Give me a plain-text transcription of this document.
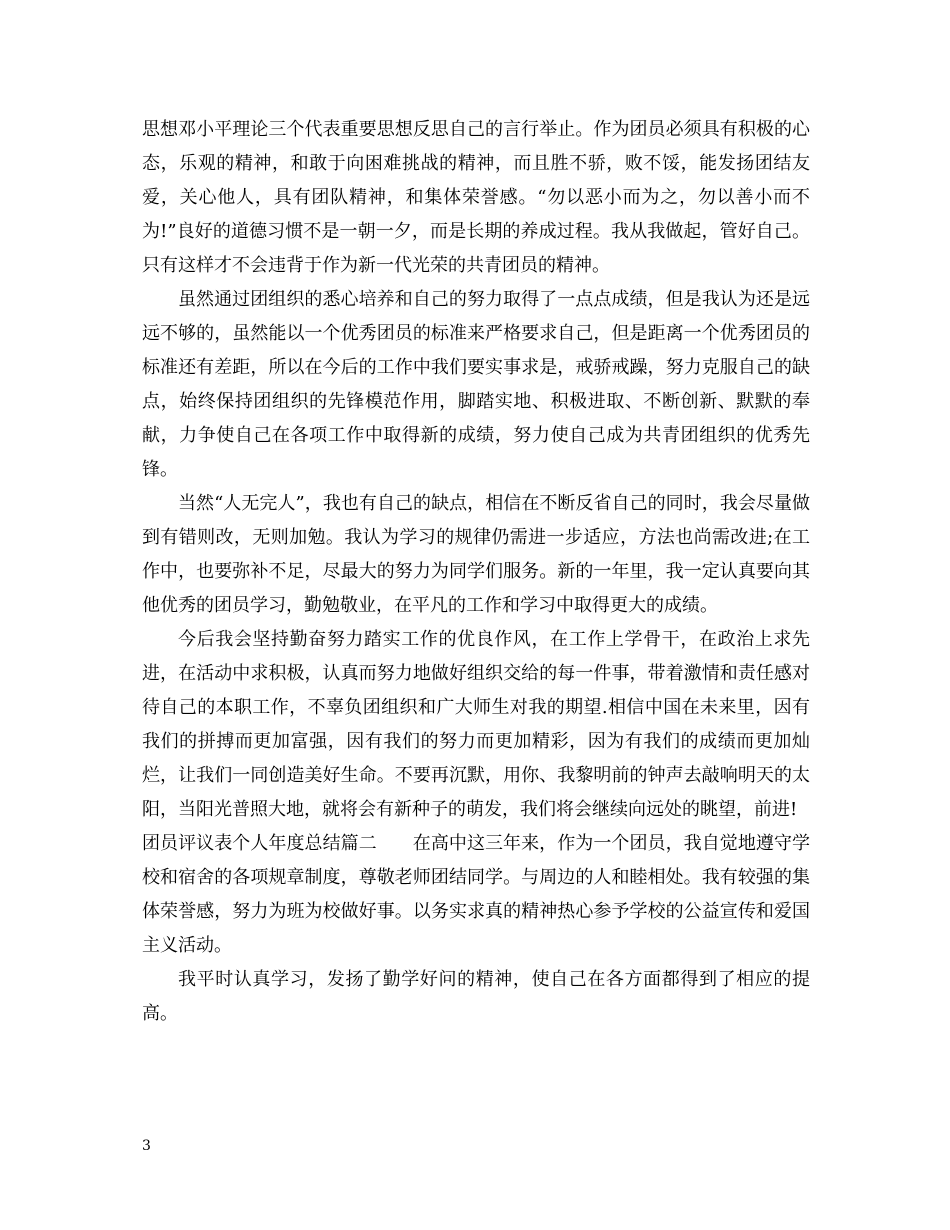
思想邓小平理论三个代表重要思想反思自己的言行举止。作为团员必须具有积极的心态，乐观的精神，和敢于向困难挑战的精神，而且胜不骄，败不馁，能发扬团结友爱，关心他人，具有团队精神，和集体荣誉感。“勿以恶小而为之，勿以善小而不为!”良好的道德习惯不是一朝一夕，而是长期的养成过程。我从我做起，管好自己。只有这样才不会违背于作为新一代光荣的共青团员的精神。

虽然通过团组织的悉心培养和自己的努力取得了一点点成绩，但是我认为还是远远不够的，虽然能以一个优秀团员的标准来严格要求自己，但是距离一个优秀团员的标准还有差距，所以在今后的工作中我们要实事求是，戒骄戒躁，努力克服自己的缺点，始终保持团组织的先锋模范作用，脚踏实地、积极进取、不断创新、默默的奉献，力争使自己在各项工作中取得新的成绩，努力使自己成为共青团组织的优秀先锋。

当然“人无完人”，我也有自己的缺点，相信在不断反省自己的同时，我会尽量做到有错则改，无则加勉。我认为学习的规律仍需进一步适应，方法也尚需改进;在工作中，也要弥补不足，尽最大的努力为同学们服务。新的一年里，我一定认真要向其他优秀的团员学习，勤勉敬业，在平凡的工作和学习中取得更大的成绩。

今后我会坚持勤奋努力踏实工作的优良作风，在工作上学骨干，在政治上求先进，在活动中求积极，认真而努力地做好组织交给的每一件事，带着激情和责任感对待自己的本职工作，不辜负团组织和广大师生对我的期望.相信中国在未来里，因有我们的拼搏而更加富强，因有我们的努力而更加精彩，因为有我们的成绩而更加灿烂，让我们一同创造美好生命。不要再沉默，用你、我黎明前的钟声去敲响明天的太阳，当阳光普照大地，就将会有新种子的萌发，我们将会继续向远处的眺望，前进!

团员评议表个人年度总结篇二 在高中这三年来，作为一个团员，我自觉地遵守学校和宿舍的各项规章制度，尊敬老师团结同学。与周边的人和睦相处。我有较强的集体荣誉感，努力为班为校做好事。以务实求真的精神热心参予学校的公益宣传和爱国主义活动。

我平时认真学习，发扬了勤学好问的精神，使自己在各方面都得到了相应的提高。

3
